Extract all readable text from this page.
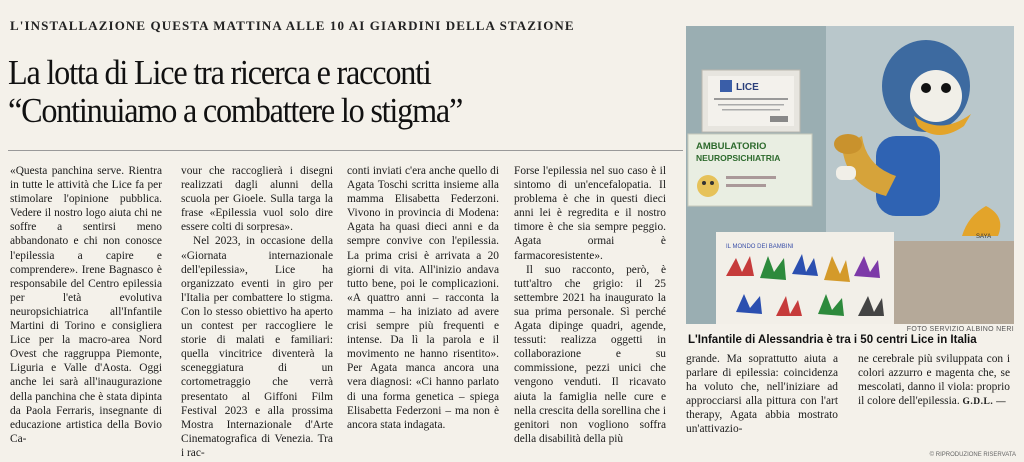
L'INSTALLAZIONE QUESTA MATTINA ALLE 10 AI GIARDINI DELLA STAZIONE
La lotta di Lice tra ricerca e racconti
“Continuiamo a combattere lo stigma”

«Questa panchina serve. Rientra in tutte le attività che Lice fa per stimolare l'opinione pubblica. Vedere il nostro logo aiuta chi ne soffre a sentirsi meno abbandonato e chi non conosce l'epilessia a capire e comprendere». Irene Bagnasco è responsabile del Centro epilessia per l'età evolutiva neuropsichiatrica all'Infantile Martini di Torino e consigliera Lice per la macro-area Nord Ovest che raggruppa Piemonte, Liguria e Valle d'Aosta. Oggi anche lei sarà all'inaugurazione della panchina che è stata dipinta da Paola Ferraris, insegnante di educazione artistica della Bovio Ca-

vour che raccoglierà i disegni realizzati dagli alunni della scuola per Gioele. Sulla targa la frase «Epilessia vuol solo dire essere colti di sorpresa».

Nel 2023, in occasione della «Giornata internazionale dell'epilessia», Lice ha organizzato eventi in giro per l'Italia per combattere lo stigma. Con lo stesso obiettivo ha aperto un contest per raccogliere le storie di malati e familiari: quella vincitrice diventerà la sceneggiatura di un cortometraggio che verrà presentato al Giffoni Film Festival 2023 e alla prossima Mostra Internazionale d'Arte Cinematografica di Venezia. Tra i rac-

conti inviati c'era anche quello di Agata Toschi scritta insieme alla mamma Elisabetta Federzoni. Vivono in provincia di Modena: Agata ha quasi dieci anni e da sempre convive con l'epilessia. La prima crisi è arrivata a 20 giorni di vita. All'inizio andava tutto bene, poi le complicazioni. «A quattro anni – racconta la mamma – ha iniziato ad avere crisi sempre più frequenti e intense. Da lì la parola e il movimento ne hanno risentito». Per Agata manca ancora una vera diagnosi: «Ci hanno parlato di una forma genetica – spiega Elisabetta Federzoni – ma non è ancora stata indagata.

Forse l'epilessia nel suo caso è il sintomo di un'encefalopatia. Il problema è che in questi dieci anni lei è regredita e il nostro timore è che sia sempre peggio. Agata ormai è farmacoresistente».

Il suo racconto, però, è tutt'altro che grigio: il 25 settembre 2021 ha inaugurato la sua prima personale. Sì perché Agata dipinge quadri, agende, tessuti: realizza oggetti in collaborazione e su commissione, pezzi unici che vengono venduti. Il ricavato aiuta la famiglia nelle cure e nella crescita della sorellina che i genitori non vogliono soffra della disabilità della più

grande. Ma soprattutto aiuta a parlare di epilessia: coincidenza ha voluto che, nell'iniziare ad approcciarsi alla pittura con l'art therapy, Agata abbia mostrato un'attivazio-

ne cerebrale più sviluppata con i colori azzurro e magenta che, se mescolati, danno il viola: proprio il colore dell'epilessia. G.D.L. —

LICE
AMBULATORIO
NEUROPSICHIATRIA
SAYA
IL MONDO DEI BAMBINI
FOTO SERVIZIO ALBINO NERI
L'Infantile di Alessandria è tra i 50 centri Lice in Italia
© RIPRODUZIONE RISERVATA
